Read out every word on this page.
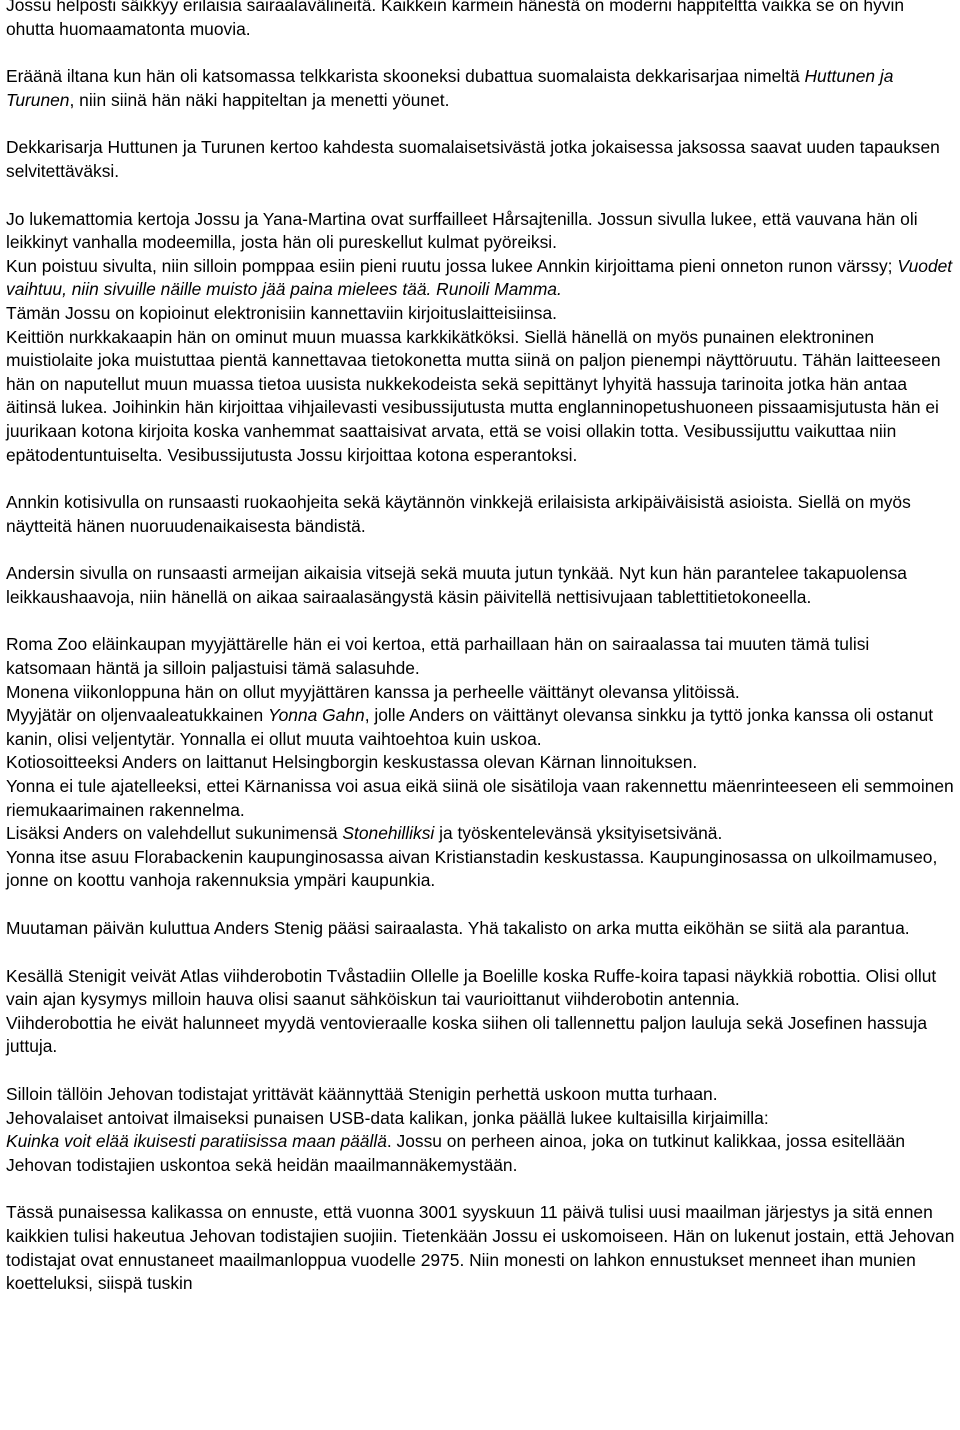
Jossu helposti säikkyy erilaisia sairaalavälineitä. Kaikkein karmein hänestä on moderni happiteltta vaikka se on hyvin ohutta huomaamatonta muovia.

Eräänä iltana kun hän oli katsomassa telkkarista skooneksi dubattua suomalaista dekkarisarjaa nimeltä Huttunen ja Turunen, niin siinä hän näki happiteltan ja menetti yöunet.

Dekkarisarja Huttunen ja Turunen kertoo kahdesta suomalaisetsivästä jotka jokaisessa jaksossa saavat uuden tapauksen selvitettäväksi.

Jo lukemattomia kertoja Jossu ja Yana-Martina ovat surffailleet Hårsajtenilla. Jossun sivulla lukee, että vauvana hän oli leikkinyt vanhalla modeemilla, josta hän oli pureskellut kulmat pyöreiksi.
Kun poistuu sivulta, niin silloin pomppaa esiin pieni ruutu jossa lukee Annkin kirjoittama pieni onneton runon värssy; Vuodet vaihtuu, niin sivuille näille muisto jää paina mielees tää. Runoili Mamma.
Tämän Jossu on kopioinut elektronisiin kannettaviin kirjoituslaitteisiinsa.
Keittiön nurkkakaapin hän on ominut muun muassa karkkikätköksi. Siellä hänellä on myös punainen elektroninen muistiolaite joka muistuttaa pientä kannettavaa tietokonetta mutta siinä on paljon pienempi näyttöruutu. Tähän laitteeseen hän on naputellut muun muassa tietoa uusista nukkekodeista sekä sepittänyt lyhyitä hassuja tarinoita jotka hän antaa äitinsä lukea. Joihinkin hän kirjoittaa vihjailevasti vesibussijutusta mutta englanninopetushuoneen pissaamisjutusta hän ei juurikaan kotona kirjoita koska vanhemmat saattaisivat arvata, että se voisi ollakin totta. Vesibussijuttu vaikuttaa niin epätodentuntuiselta. Vesibussijutusta Jossu kirjoittaa kotona esperantoksi.

Annkin kotisivulla on runsaasti ruokaohjeita sekä käytännön vinkkejä erilaisista arkipäiväisistä asioista. Siellä on myös näytteitä hänen nuoruudenaikaisesta bändistä.

Andersin sivulla on runsaasti armeijan aikaisia vitsejä sekä muuta jutun tynkää. Nyt kun hän parantelee takapuolensa leikkaushaavoja, niin hänellä on aikaa sairaalasängystä käsin päivitellä nettisivujaan tablettitietokoneella.

Roma Zoo eläinkaupan myyjättärelle hän ei voi kertoa, että parhaillaan hän on sairaalassa tai muuten tämä tulisi katsomaan häntä ja silloin paljastuisi tämä salasuhde.
Monena viikonloppuna hän on ollut myyjättären kanssa ja perheelle väittänyt olevansa ylitöissä.
Myyjätär on oljenvaaleatukkainen Yonna Gahn, jolle Anders on väittänyt olevansa sinkku ja tyttö jonka kanssa oli ostanut kanin, olisi veljentytär. Yonnalla ei ollut muuta vaihtoehtoa kuin uskoa.
Kotiosoitteeksi Anders on laittanut Helsingborgin keskustassa olevan Kärnan linnoituksen.
Yonna ei tule ajatelleeksi, ettei Kärnanissa voi asua eikä siinä ole sisätiloja vaan rakennettu mäenrinteeseen eli semmoinen riemukaarimainen rakennelma.
Lisäksi Anders on valehdellut sukunimensä Stonehilliksi ja työskentelevänsä yksityisetsivänä.
Yonna itse asuu Florabackenin kaupunginosassa aivan Kristianstadin keskustassa. Kaupunginosassa on ulkoilmamuseo, jonne on koottu vanhoja rakennuksia ympäri kaupunkia.

Muutaman päivän kuluttua Anders Stenig pääsi sairaalasta. Yhä takalisto on arka mutta eiköhän se siitä ala parantua.

Kesällä Stenigit veivät Atlas viihderobotin Tvåstadiin Ollelle ja Boelille koska Ruffe-koira tapasi näykkiä robottia. Olisi ollut vain ajan kysymys milloin hauva olisi saanut sähköiskun tai vaurioittanut viihderobotin antennia.
Viihderobottia he eivät halunneet myydä ventovieraalle koska siihen oli tallennettu paljon lauluja sekä Josefinen hassuja juttuja.

Silloin tällöin Jehovan todistajat yrittävät käännyttää Stenigin perhettä uskoon mutta turhaan.
Jehovalaiset antoivat ilmaiseksi punaisen USB-data kalikan, jonka päällä lukee kultaisilla kirjaimilla:
Kuinka voit elää ikuisesti paratiisissa maan päällä. Jossu on perheen ainoa, joka on tutkinut kalikkaa, jossa esitellään Jehovan todistajien uskontoa sekä heidän maailmannäkemystään.

Tässä punaisessa kalikassa on ennuste, että vuonna 3001 syyskuun 11 päivä tulisi uusi maailman järjestys ja sitä ennen kaikkien tulisi hakeutua Jehovan todistajien suojiin. Tietenkään Jossu ei uskomoiseen. Hän on lukenut jostain, että Jehovan todistajat ovat ennustaneet maailmanloppua vuodelle 2975. Niin monesti on lahkon ennustukset menneet ihan munien koetteluksi, siispä tuskin
